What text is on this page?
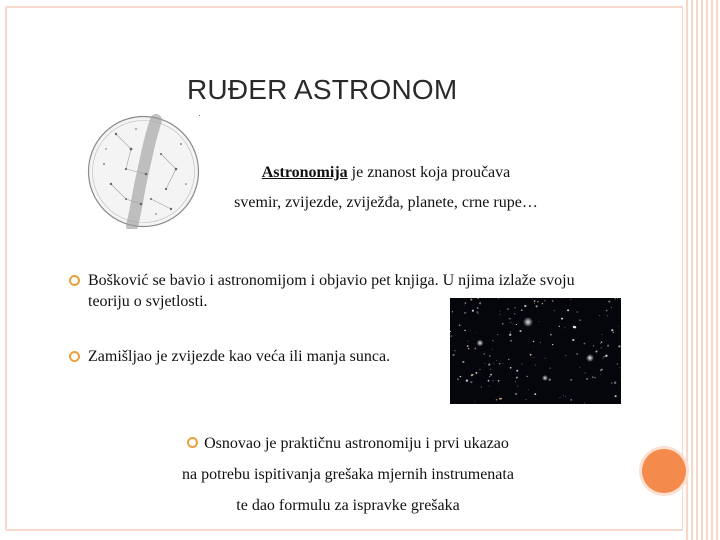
RUĐER ASTRONOM
Astronomija je znanost koja proučava
svemir, zvijezde, zviježđa, planete, crne rupe…
Bošković se bavio i astronomijom i objavio pet knjiga. U njima izlaže svoju teoriju o svjetlosti.
Zamišljao je zvijezde kao veća ili manja sunca.
Osnovao je praktičnu astronomiju i prvi ukazao
na potrebu ispitivanja grešaka mjernih instrumenata
te dao formulu za ispravke grešaka
